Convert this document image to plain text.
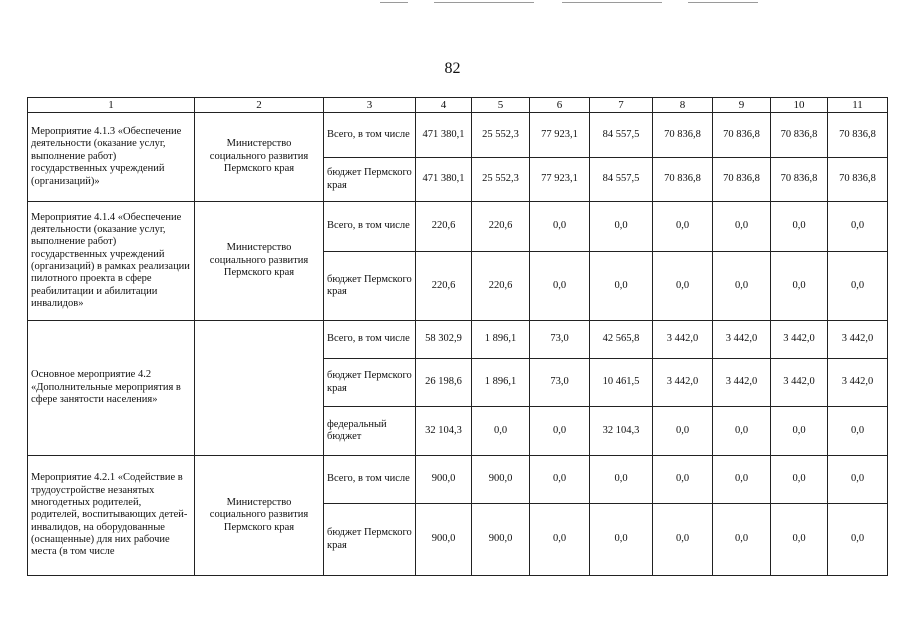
82
1	2	3	4	5	6	7	8	9	10	11
Мероприятие 4.1.3 «Обеспечение деятельности (оказание услуг, выполнение работ) государственных учреждений (организаций)»	Министерство социального развития Пермского края	Всего, в том числе	471 380,1	25 552,3	77 923,1	84 557,5	70 836,8	70 836,8	70 836,8	70 836,8
		бюджет Пермского края	471 380,1	25 552,3	77 923,1	84 557,5	70 836,8	70 836,8	70 836,8	70 836,8
Мероприятие 4.1.4 «Обеспечение деятельности (оказание услуг, выполнение работ) государственных учреждений (организаций) в рамках реализации пилотного проекта в сфере реабилитации и абилитации инвалидов»	Министерство социального развития Пермского края	Всего, в том числе	220,6	220,6	0,0	0,0	0,0	0,0	0,0	0,0
		бюджет Пермского края	220,6	220,6	0,0	0,0	0,0	0,0	0,0	0,0
Основное мероприятие 4.2 «Дополнительные мероприятия в сфере занятости населения»		Всего, в том числе	58 302,9	1 896,1	73,0	42 565,8	3 442,0	3 442,0	3 442,0	3 442,0
		бюджет Пермского края	26 198,6	1 896,1	73,0	10 461,5	3 442,0	3 442,0	3 442,0	3 442,0
		федеральный бюджет	32 104,3	0,0	0,0	32 104,3	0,0	0,0	0,0	0,0
Мероприятие 4.2.1 «Содействие в трудоустройстве незанятых многодетных родителей, родителей, воспитывающих детей-инвалидов, на оборудованные (оснащенные) для них рабочие места (в том числе	Министерство социального развития Пермского края	Всего, в том числе	900,0	900,0	0,0	0,0	0,0	0,0	0,0	0,0
		бюджет Пермского края	900,0	900,0	0,0	0,0	0,0	0,0	0,0	0,0
